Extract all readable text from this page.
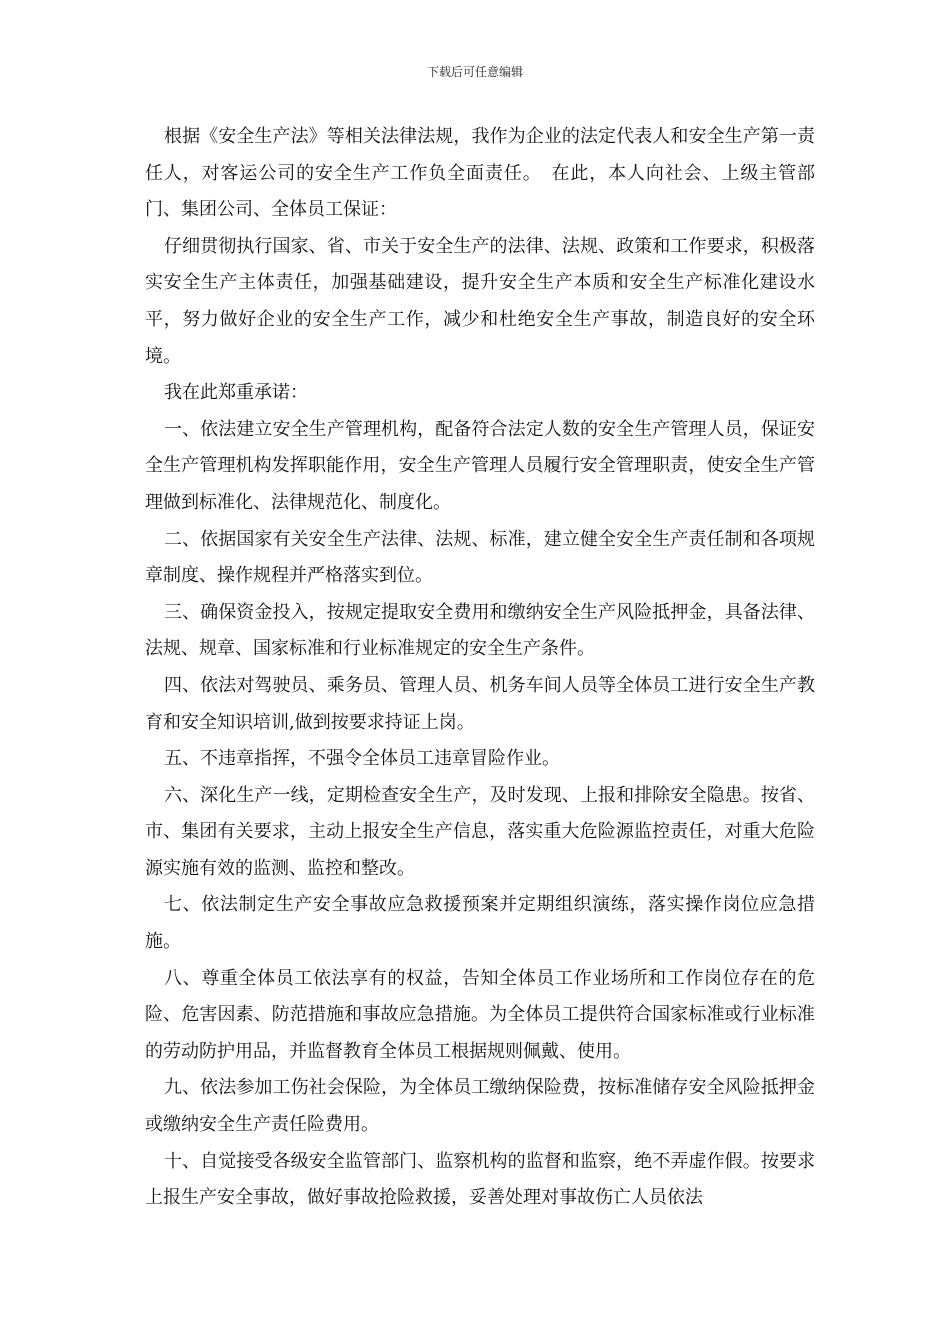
下载后可任意编辑

根据《安全生产法》等相关法律法规，我作为企业的法定代表人和安全生产第一责任人，对客运公司的安全生产工作负全面责任。　在此，本人向社会、上级主管部门、集团公司、全体员工保证：

仔细贯彻执行国家、省、市关于安全生产的法律、法规、政策和工作要求，积极落实安全生产主体责任，加强基础建设，提升安全生产本质和安全生产标准化建设水平，努力做好企业的安全生产工作，减少和杜绝安全生产事故，制造良好的安全环境。

我在此郑重承诺：

一、依法建立安全生产管理机构，配备符合法定人数的安全生产管理人员，保证安全生产管理机构发挥职能作用，安全生产管理人员履行安全管理职责，使安全生产管理做到标准化、法律规范化、制度化。

二、依据国家有关安全生产法律、法规、标准，建立健全安全生产责任制和各项规章制度、操作规程并严格落实到位。

三、确保资金投入，按规定提取安全费用和缴纳安全生产风险抵押金，具备法律、法规、规章、国家标准和行业标准规定的安全生产条件。

四、依法对驾驶员、乘务员、管理人员、机务车间人员等全体员工进行安全生产教育和安全知识培训,做到按要求持证上岗。

五、不违章指挥，不强令全体员工违章冒险作业。

六、深化生产一线，定期检查安全生产，及时发现、上报和排除安全隐患。按省、市、集团有关要求，主动上报安全生产信息，落实重大危险源监控责任，对重大危险源实施有效的监测、监控和整改。

七、依法制定生产安全事故应急救援预案并定期组织演练，落实操作岗位应急措施。

八、尊重全体员工依法享有的权益，告知全体员工作业场所和工作岗位存在的危险、危害因素、防范措施和事故应急措施。为全体员工提供符合国家标准或行业标准的劳动防护用品，并监督教育全体员工根据规则佩戴、使用。

九、依法参加工伤社会保险，为全体员工缴纳保险费，按标准储存安全风险抵押金或缴纳安全生产责任险费用。

十、自觉接受各级安全监管部门、监察机构的监督和监察，绝不弄虚作假。按要求上报生产安全事故，做好事故抢险救援，妥善处理对事故伤亡人员依法
